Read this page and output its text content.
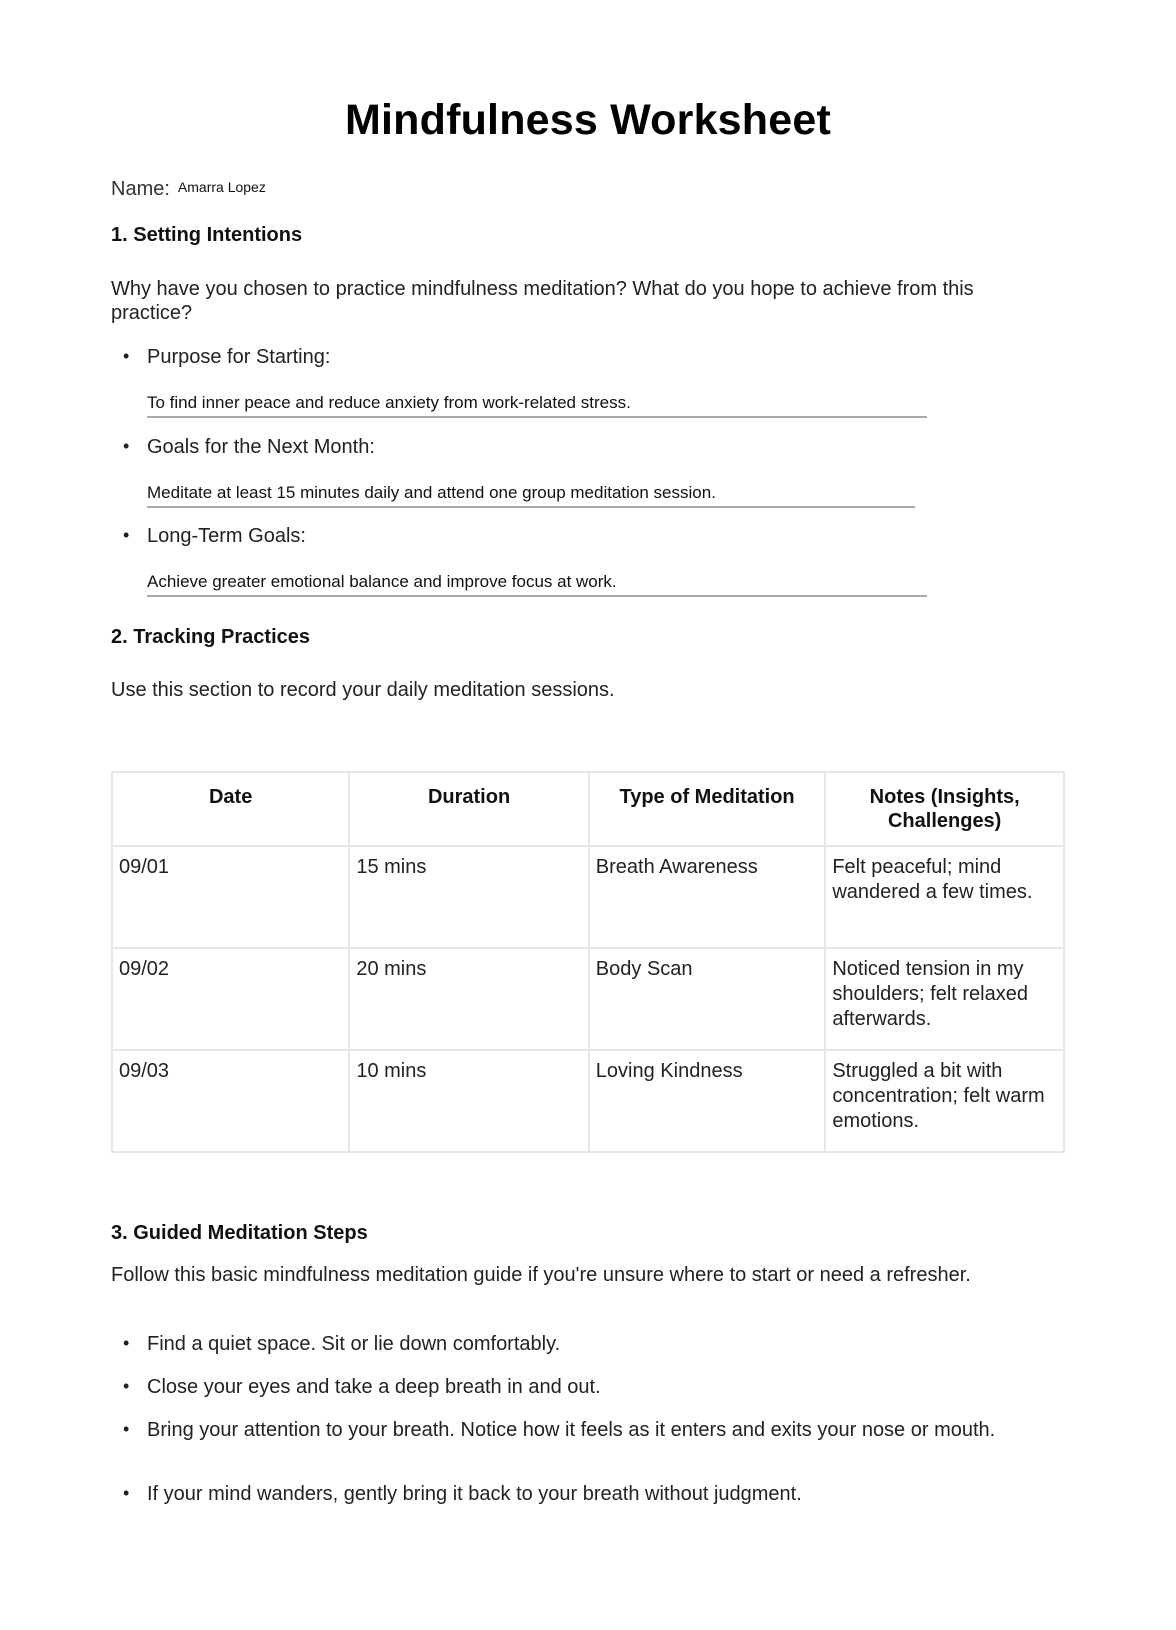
Mindfulness Worksheet
Name: Amarra Lopez
1. Setting Intentions

Why have you chosen to practice mindfulness meditation? What do you hope to achieve from this practice?

• Purpose for Starting:
To find inner peace and reduce anxiety from work-related stress.
• Goals for the Next Month:
Meditate at least 15 minutes daily and attend one group meditation session.
• Long-Term Goals:
Achieve greater emotional balance and improve focus at work.
2. Tracking Practices

Use this section to record your daily meditation sessions.

Date	Duration	Type of Meditation	Notes (Insights, Challenges)
09/01	15 mins	Breath Awareness	Felt peaceful; mind wandered a few times.
09/02	20 mins	Body Scan	Noticed tension in my shoulders; felt relaxed afterwards.
09/03	10 mins	Loving Kindness	Struggled a bit with concentration; felt warm emotions.
3. Guided Meditation Steps

Follow this basic mindfulness meditation guide if you're unsure where to start or need a refresher.

• Find a quiet space. Sit or lie down comfortably.
• Close your eyes and take a deep breath in and out.
• Bring your attention to your breath. Notice how it feels as it enters and exits your nose or mouth.
• If your mind wanders, gently bring it back to your breath without judgment.
